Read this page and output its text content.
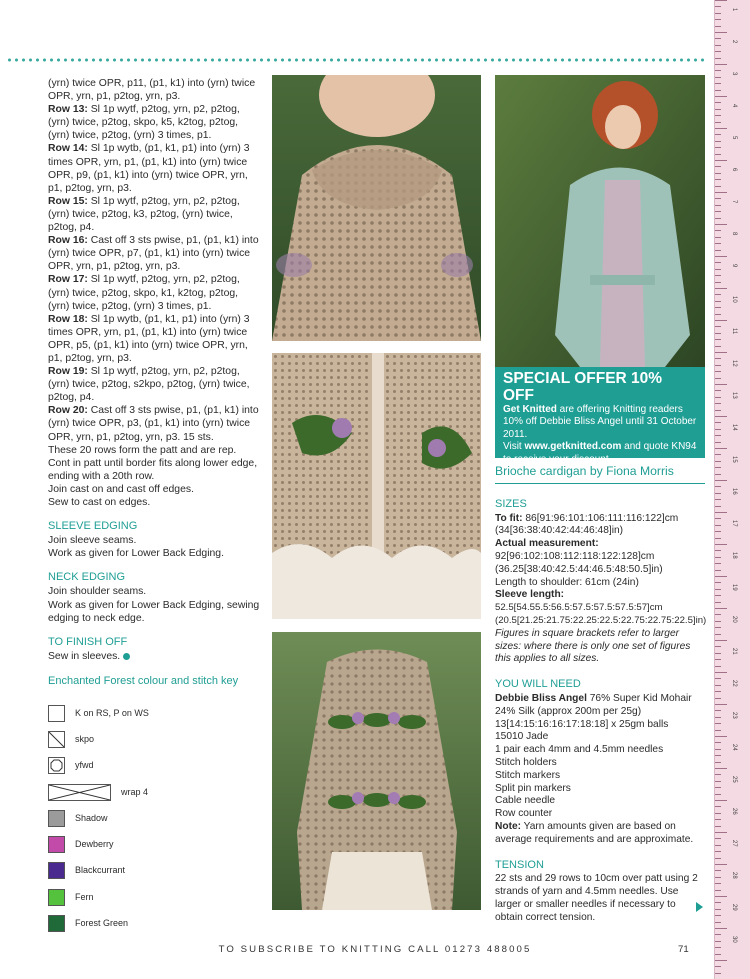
(yrn) twice OPR, p11, (p1, k1) into (yrn) twice OPR, yrn, p1, p2tog, yrn, p3.

Row 13: Sl 1p wytf, p2tog, yrn, p2, p2tog, (yrn) twice, p2tog, skpo, k5, k2tog, p2tog, (yrn) twice, p2tog, (yrn) 3 times, p1.

Row 14: Sl 1p wytb, (p1, k1, p1) into (yrn) 3 times OPR, yrn, p1, (p1, k1) into (yrn) twice OPR, p9, (p1, k1) into (yrn) twice OPR, yrn, p1, p2tog, yrn, p3.

Row 15: Sl 1p wytf, p2tog, yrn, p2, p2tog, (yrn) twice, p2tog, k3, p2tog, (yrn) twice, p2tog, p4.

Row 16: Cast off 3 sts pwise, p1, (p1, k1) into (yrn) twice OPR, p7, (p1, k1) into (yrn) twice OPR, yrn, p1, p2tog, yrn, p3.

Row 17: Sl 1p wytf, p2tog, yrn, p2, p2tog, (yrn) twice, p2tog, skpo, k1, k2tog, p2tog, (yrn) twice, p2tog, (yrn) 3 times, p1.

Row 18: Sl 1p wytb, (p1, k1, p1) into (yrn) 3 times OPR, yrn, p1, (p1, k1) into (yrn) twice OPR, p5, (p1, k1) into (yrn) twice OPR, yrn, p1, p2tog, yrn, p3.

Row 19: Sl 1p wytf, p2tog, yrn, p2, p2tog, (yrn) twice, p2tog, s2kpo, p2tog, (yrn) twice, p2tog, p4.

Row 20: Cast off 3 sts pwise, p1, (p1, k1) into (yrn) twice OPR, p3, (p1, k1) into (yrn) twice OPR, yrn, p1, p2tog, yrn, p3. 15 sts.

These 20 rows form the patt and are rep.

Cont in patt until border fits along lower edge, ending with a 20th row.

Join cast on and cast off edges.

Sew to cast on edges.

SLEEVE EDGING

Join sleeve seams.

Work as given for Lower Back Edging.

NECK EDGING

Join shoulder seams.

Work as given for Lower Back Edging, sewing edging to neck edge.

TO FINISH OFF

Sew in sleeves.

Enchanted Forest colour and stitch key
K on RS, P on WS
skpo
yfwd
wrap 4
Shadow
Dewberry
Blackcurrant
Fern
Forest Green
SPECIAL OFFER 10% OFF
Get Knitted are offering Knitting readers 10% off Debbie Bliss Angel until 31 October 2011.
Visit www.getknitted.com and quote KN94 to receive your discount.
Brioche cardigan by Fiona Morris
SIZES

To fit: 86[91:96:101:106:111:116:122]cm (34[36:38:40:42:44:46:48]in)

Actual measurement:

92[96:102:108:112:118:122:128]cm (36.25[38:40:42.5:44:46.5:48:50.5]in)

Length to shoulder: 61cm (24in)

Sleeve length:

52.5[54.55.5:56.5:57.5:57.5:57.5:57]cm (20.5[21.25:21.75:22.25:22.5:22.75:22.75:22.5]in)

Figures in square brackets refer to larger sizes: where there is only one set of figures this applies to all sizes.

YOU WILL NEED

Debbie Bliss Angel 76% Super Kid Mohair 24% Silk (approx 200m per 25g)

13[14:15:16:16:17:18:18] x 25gm balls

15010 Jade

1 pair each 4mm and 4.5mm needles

Stitch holders

Stitch markers

Split pin markers

Cable needle

Row counter

Note: Yarn amounts given are based on average requirements and are approximate.

TENSION

22 sts and 29 rows to 10cm over patt using 2 strands of yarn and 4.5mm needles. Use larger or smaller needles if necessary to obtain correct tension.

1
2
3
4
5
6
7
8
9
10
11
12
13
14
15
16
17
18
19
20
21
22
23
24
25
26
27
28
29
30
TO SUBSCRIBE TO KNITTING CALL 01273 488005	71
